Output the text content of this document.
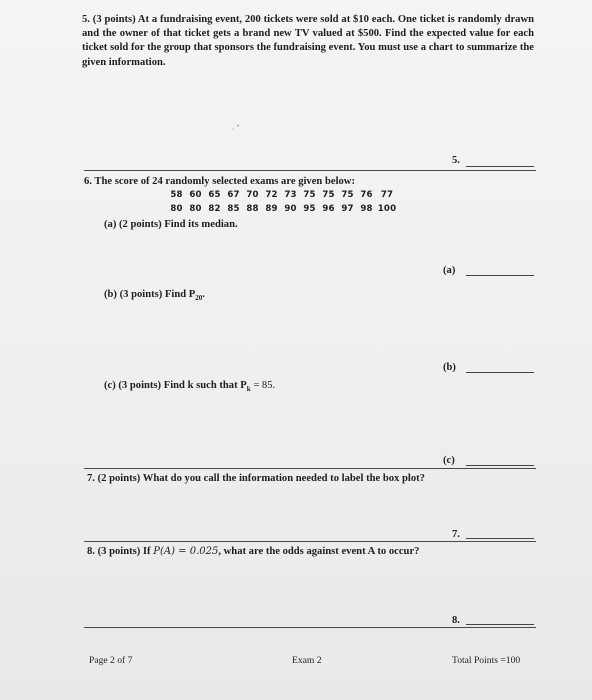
5. (3 points) At a fundraising event, 200 tickets were sold at $10 each. One ticket is randomly drawn and the owner of that ticket gets a brand new TV valued at $500. Find the expected value for each ticket sold for the group that sponsors the fundraising event. You must use a chart to summarize the given information.
, •
5.
6. The score of 24 randomly selected exams are given below:
58 60 65 67 70 72 73 75 75 75 76 77
80 80 82 85 88 89 90 95 96 97 98 100
(a) (2 points) Find its median.
(a)
(b) (3 points) Find $P_{20}$.
(b)
(c) (3 points) Find k such that $P_k = 85$.
(c)
7. (2 points) What do you call the information needed to label the box plot?
7.
8. (3 points) If P(A) = 0.025, what are the odds against event A to occur?
8.
Page 2 of 7	Exam 2	Total Points =100
